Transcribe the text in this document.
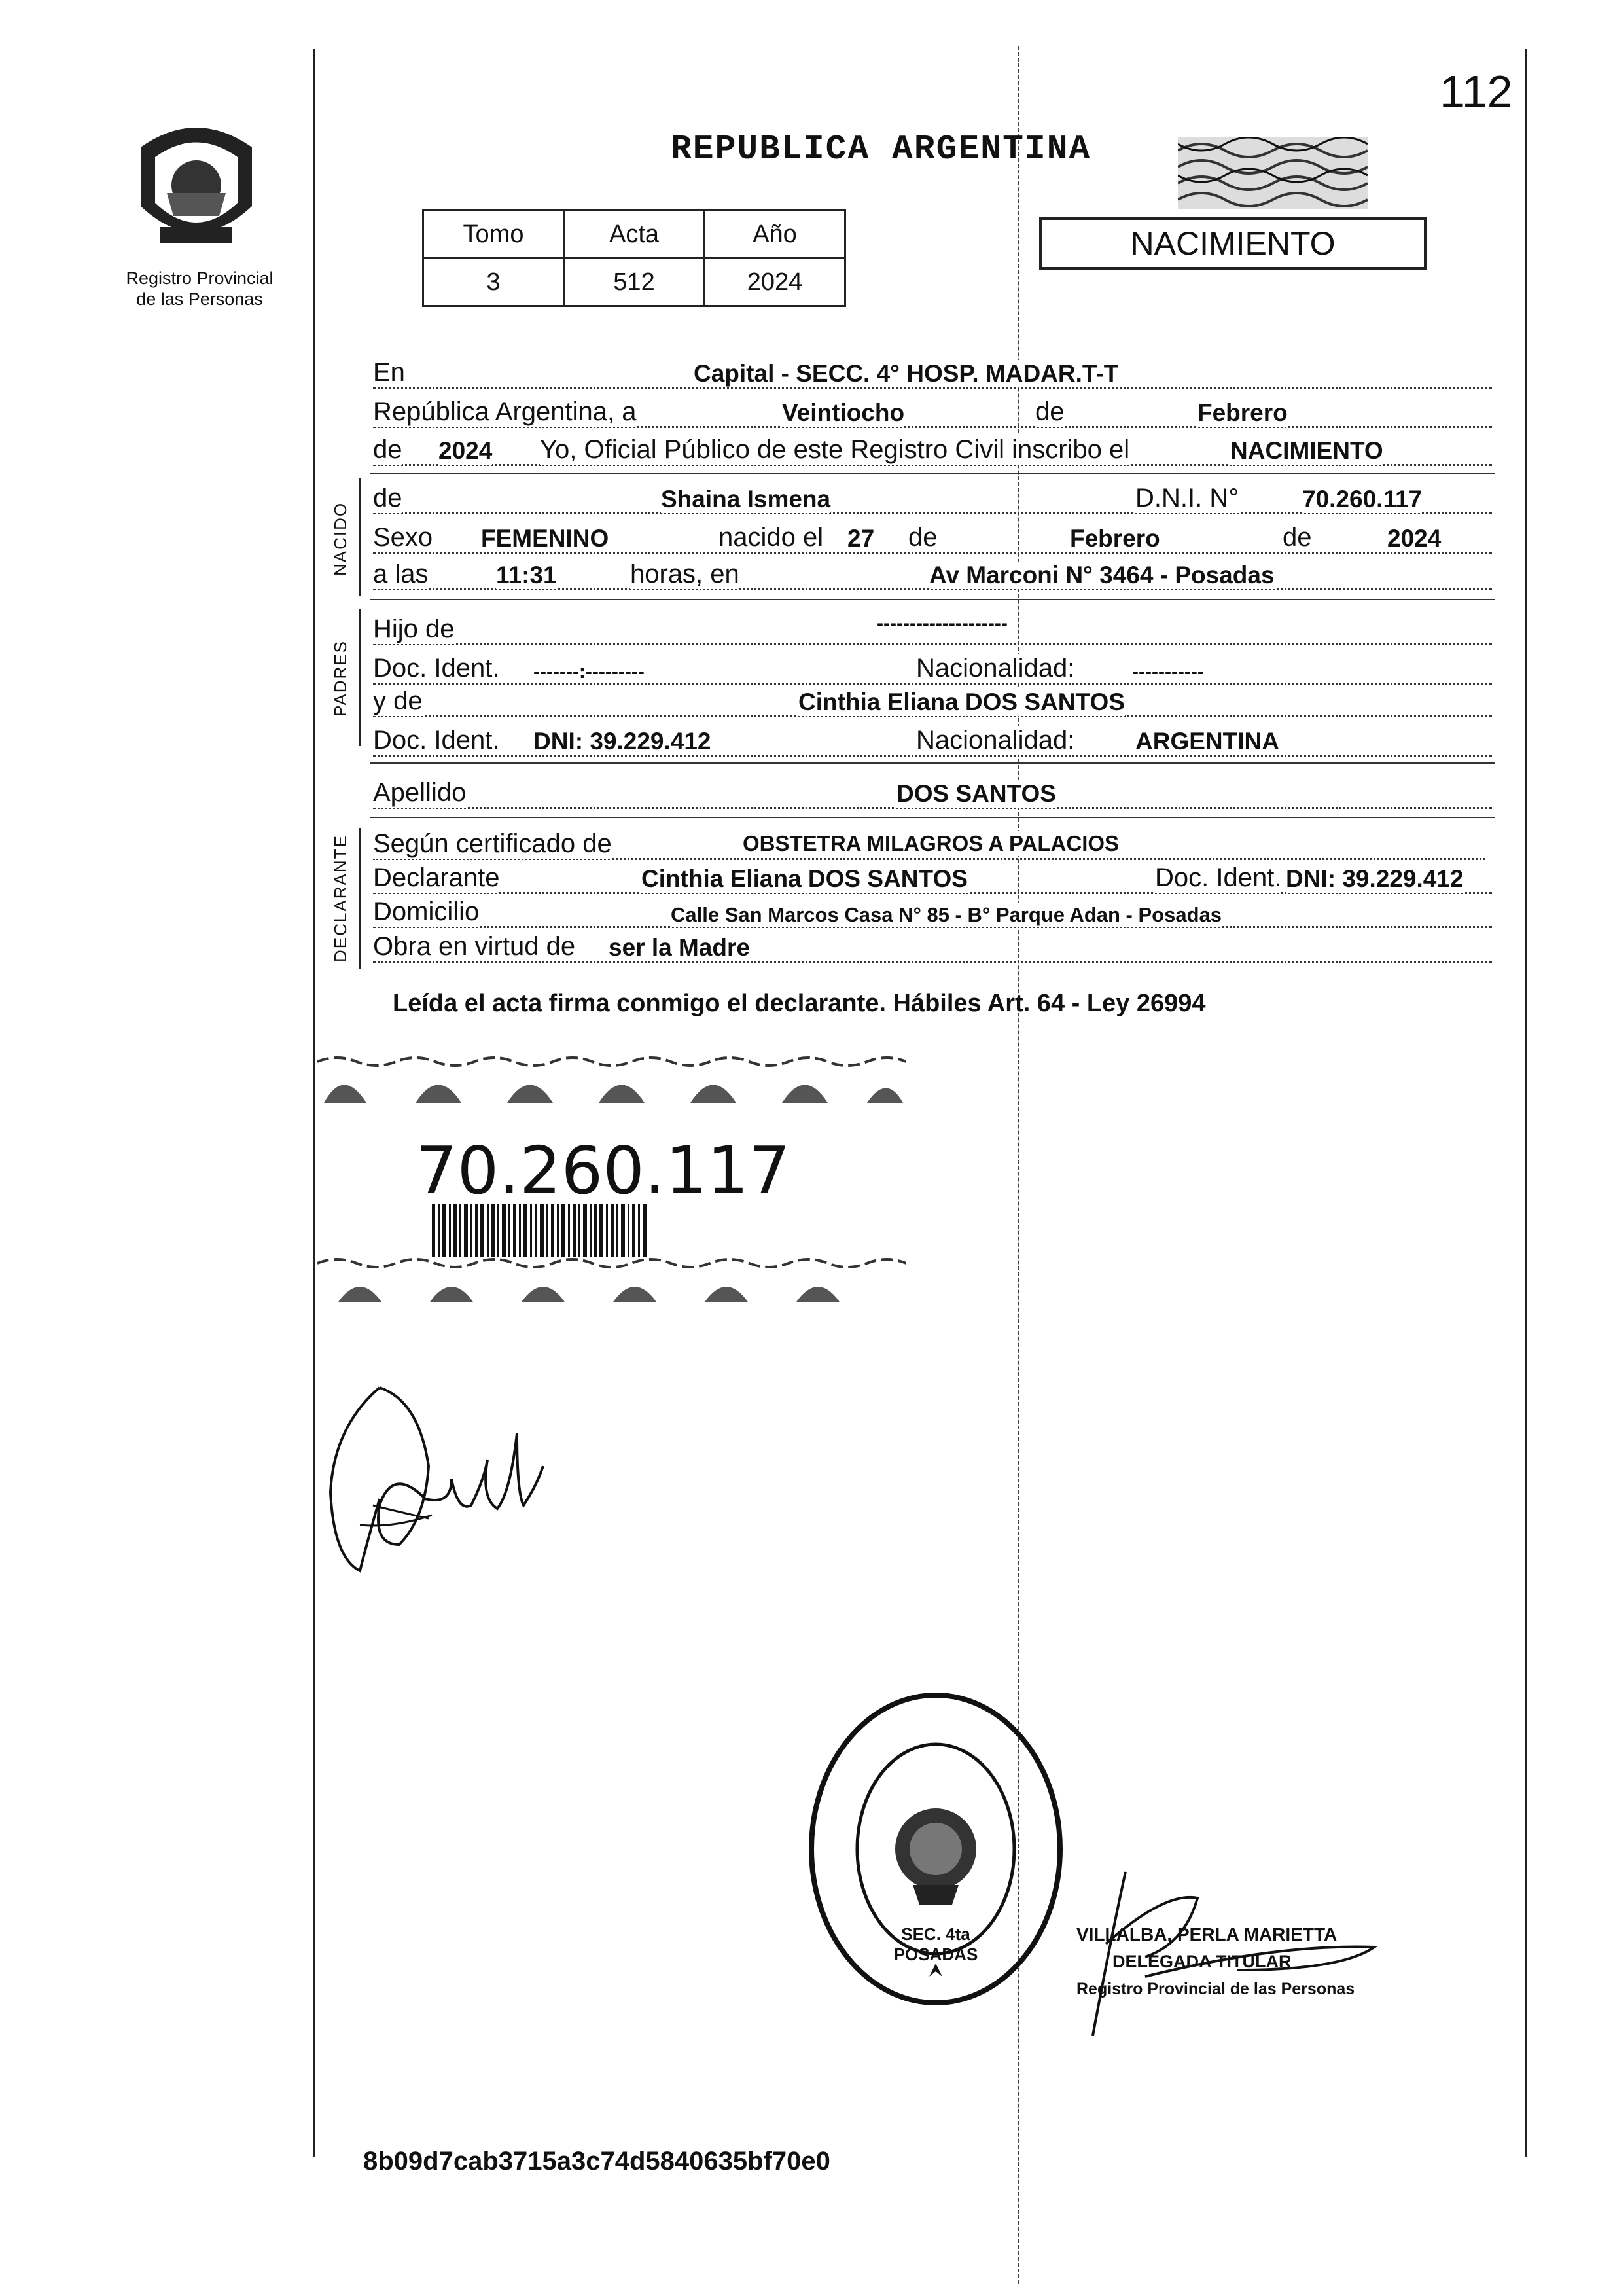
112
Registro Provincial
de las Personas
REPUBLICA ARGENTINA
NACIMIENTO
Tomo	Acta	Año
3	512	2024
En	Capital - SECC. 4° HOSP. MADAR.T-T
República Argentina, a	Veintiocho	de	Febrero
de 2024 Yo, Oficial Público de este Registro Civil inscribo el	NACIMIENTO
NACIDO
de	Shaina Ismena	D.N.I. N°	70.260.117
Sexo FEMENINO	nacido el 27 de	Febrero	de	2024
a las	11:31	horas, en	Av Marconi N° 3464 - Posadas
PADRES
Hijo de	--------------------
Doc. Ident. -------:---------	Nacionalidad:	-----------
y de	Cinthia Eliana DOS SANTOS
Doc. Ident. DNI: 39.229.412	Nacionalidad:	ARGENTINA
Apellido	DOS SANTOS
DECLARANTE Según certificado de	OBSTETRA MILAGROS A PALACIOS
Declarante	Cinthia Eliana DOS SANTOS	Doc. Ident. DNI: 39.229.412
Domicilio	Calle San Marcos Casa N° 85 - B° Parque Adan - Posadas
Obra en virtud de ser la Madre
Leída el acta firma conmigo el declarante. Hábiles Art. 64 - Ley 26994
70.260.117
SEC. 4ta POSADAS
VILLALBA, PERLA MARIETTA
DELEGADA TITULAR
Registro Provincial de las Personas
8b09d7cab3715a3c74d5840635bf70e0
